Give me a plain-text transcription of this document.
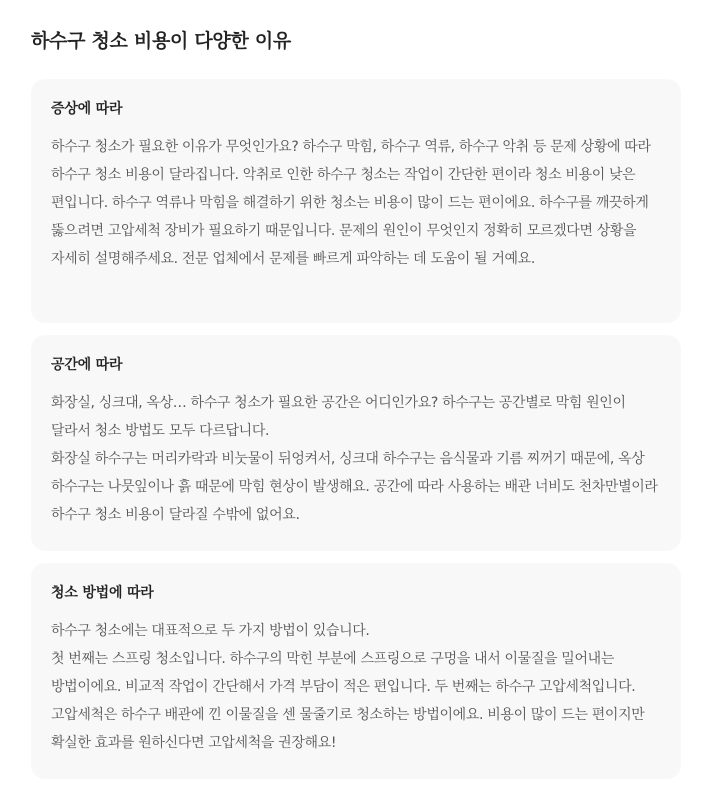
하수구 청소 비용이 다양한 이유
증상에 따라

하수구 청소가 필요한 이유가 무엇인가요? 하수구 막힘, 하수구 역류, 하수구 악취 등 문제 상황에 따라 하수구 청소 비용이 달라집니다. 악취로 인한 하수구 청소는 작업이 간단한 편이라 청소 비용이 낮은 편입니다. 하수구 역류나 막힘을 해결하기 위한 청소는 비용이 많이 드는 편이에요. 하수구를 깨끗하게 뚫으려면 고압세척 장비가 필요하기 때문입니다. 문제의 원인이 무엇인지 정확히 모르겠다면 상황을 자세히 설명해주세요. 전문 업체에서 문제를 빠르게 파악하는 데 도움이 될 거예요.

공간에 따라

화장실, 싱크대, 옥상… 하수구 청소가 필요한 공간은 어디인가요? 하수구는 공간별로 막힘 원인이 달라서 청소 방법도 모두 다르답니다.

화장실 하수구는 머리카락과 비눗물이 뒤엉켜서, 싱크대 하수구는 음식물과 기름 찌꺼기 때문에, 옥상 하수구는 나뭇잎이나 흙 때문에 막힘 현상이 발생해요. 공간에 따라 사용하는 배관 너비도 천차만별이라 하수구 청소 비용이 달라질 수밖에 없어요.

청소 방법에 따라

하수구 청소에는 대표적으로 두 가지 방법이 있습니다.

첫 번째는 스프링 청소입니다. 하수구의 막힌 부분에 스프링으로 구멍을 내서 이물질을 밀어내는 방법이에요. 비교적 작업이 간단해서 가격 부담이 적은 편입니다. 두 번째는 하수구 고압세척입니다. 고압세척은 하수구 배관에 낀 이물질을 센 물줄기로 청소하는 방법이에요. 비용이 많이 드는 편이지만 확실한 효과를 원하신다면 고압세척을 권장해요!
